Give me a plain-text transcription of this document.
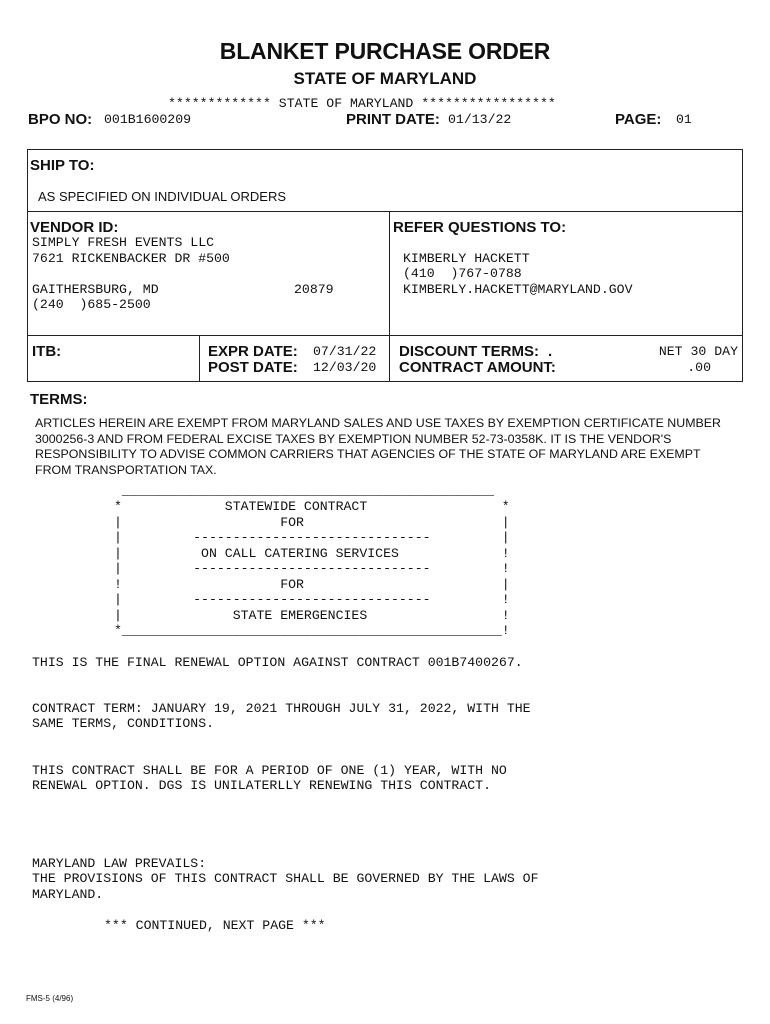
BLANKET PURCHASE ORDER
STATE OF MARYLAND
************* STATE OF MARYLAND *****************
BPO NO: 001B1600209	PRINT DATE: 01/13/22	PAGE: 01
SHIP TO:
AS SPECIFIED ON INDIVIDUAL ORDERS
VENDOR ID:
SIMPLY FRESH EVENTS LLC
7621 RICKENBACKER DR #500
GAITHERSBURG, MD	20879
(240  )685-2500
REFER QUESTIONS TO:
KIMBERLY HACKETT
(410  )767-0788
KIMBERLY.HACKETT@MARYLAND.GOV
ITB:	EXPR DATE: 07/31/22
POST DATE: 12/03/20
DISCOUNT TERMS: .	NET 30 DAY
CONTRACT AMOUNT:	.00
TERMS:
ARTICLES HEREIN ARE EXEMPT FROM MARYLAND SALES AND USE TAXES BY EXEMPTION CERTIFICATE NUMBER 3000256-3 AND FROM FEDERAL EXCISE TAXES BY EXEMPTION NUMBER 52-73-0358K. IT IS THE VENDOR'S RESPONSIBILITY TO ADVISE COMMON CARRIERS THAT AGENCIES OF THE STATE OF MARYLAND ARE EXEMPT FROM TRANSPORTATION TAX.
_______________________________________________
*             STATEWIDE CONTRACT                 *
|                    FOR                         |
|         ------------------------------         |
|          ON CALL CATERING SERVICES             !
|         ------------------------------         !
!                    FOR                         |
|         ------------------------------         !
|              STATE EMERGENCIES                 !
*________________________________________________!
THIS IS THE FINAL RENEWAL OPTION AGAINST CONTRACT 001B7400267.
CONTRACT TERM: JANUARY 19, 2021 THROUGH JULY 31, 2022, WITH THE
SAME TERMS, CONDITIONS.
THIS CONTRACT SHALL BE FOR A PERIOD OF ONE (1) YEAR, WITH NO
RENEWAL OPTION. DGS IS UNILATERLLY RENEWING THIS CONTRACT.
MARYLAND LAW PREVAILS:
THE PROVISIONS OF THIS CONTRACT SHALL BE GOVERNED BY THE LAWS OF
MARYLAND.
*** CONTINUED, NEXT PAGE ***
FMS-5 (4/96)
